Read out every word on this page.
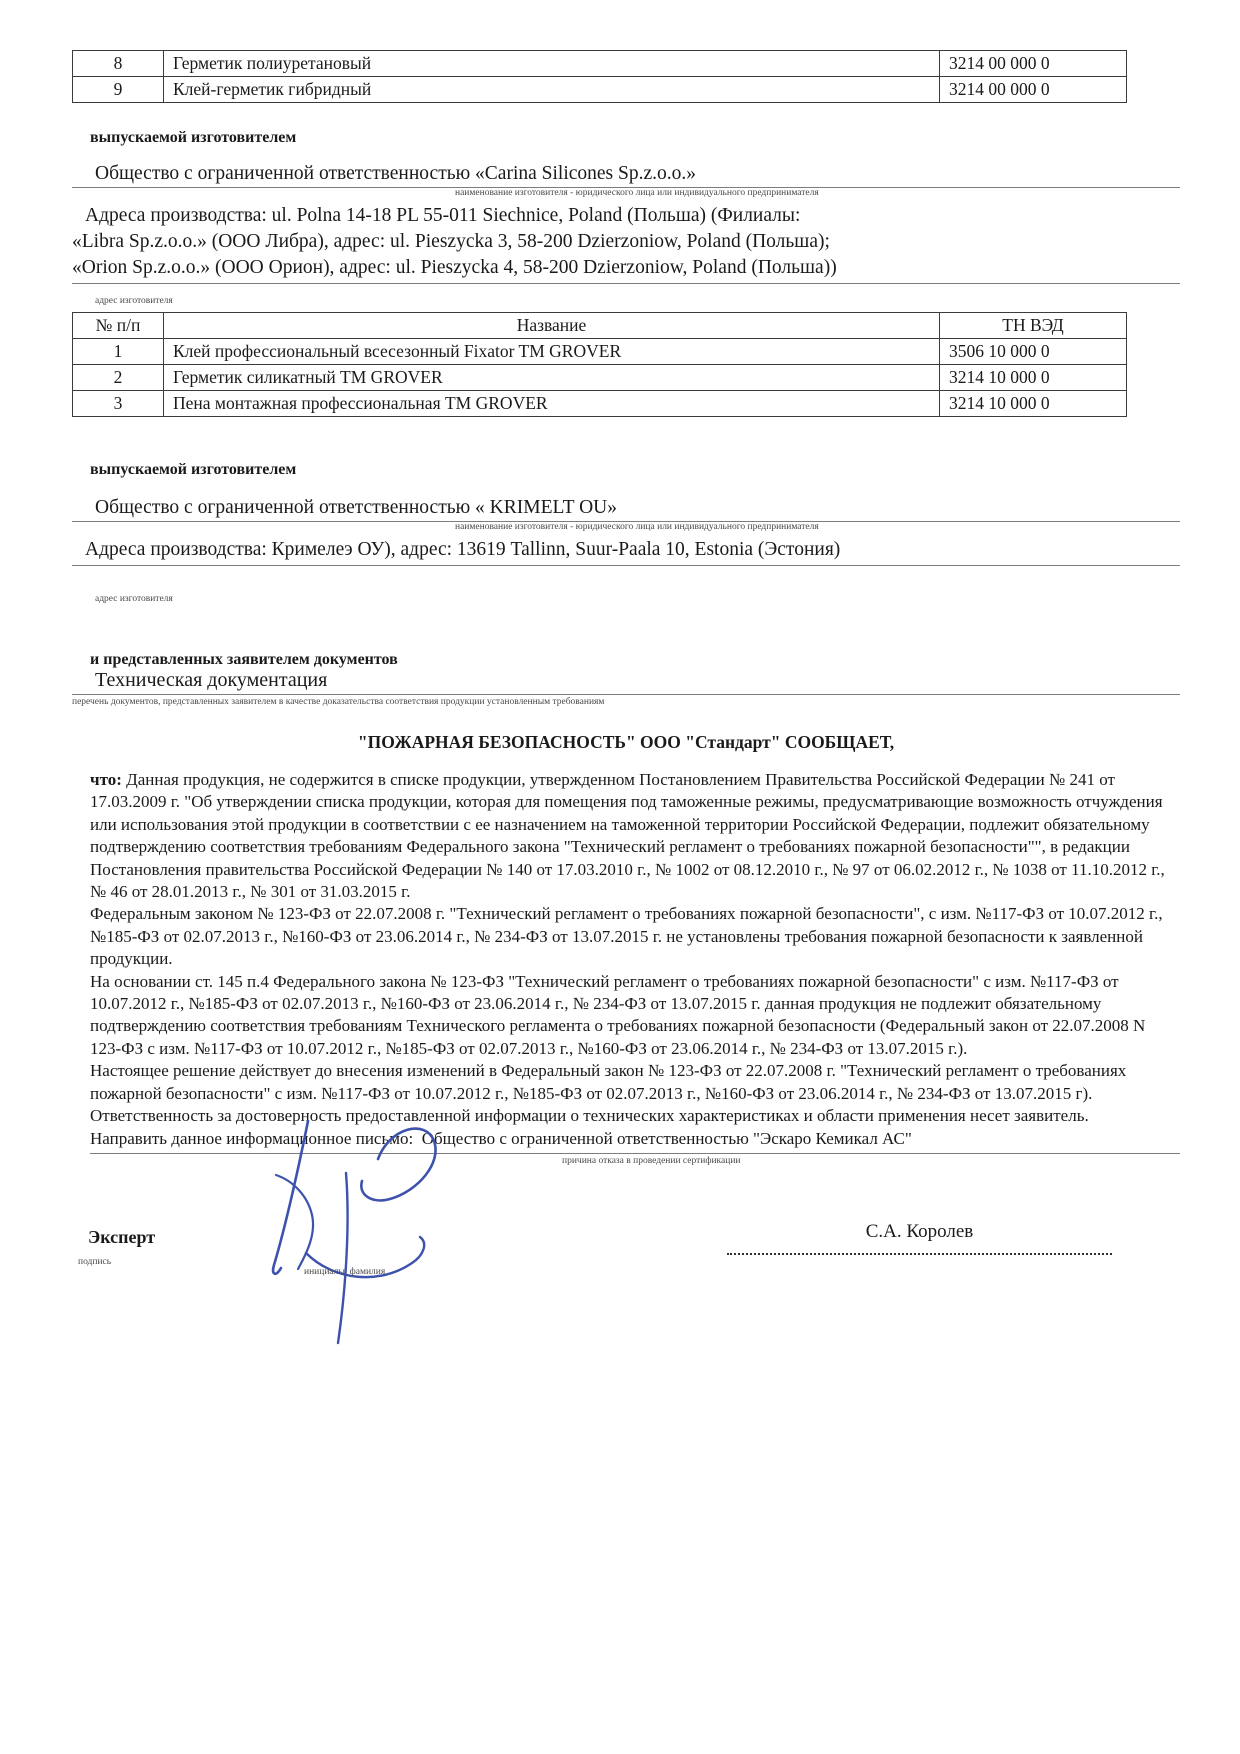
8	Герметик полиуретановый	3214 00 000 0
9	Клей-герметик гибридный	3214 00 000 0
выпускаемой изготовителем
Общество с ограниченной ответственностью «Carina Silicones Sp.z.o.o.»
наименование изготовителя - юридического лица или индивидуального предпринимателя
Адреса производства: ul. Polna 14-18 PL 55-011 Siechnice, Poland (Польша) (Филиалы:
«Libra Sp.z.o.o.» (ООО Либра), адрес: ul. Pieszycka 3, 58-200 Dzierzoniow, Poland (Польша);
«Orion Sp.z.o.o.» (ООО Орион), адрес: ul. Pieszycka 4, 58-200 Dzierzoniow, Poland (Польша))
адрес изготовителя
№ п/п	Название	ТН ВЭД
1	Клей профессиональный всесезонный Fixator TM GROVER	3506 10 000 0
2	Герметик силикатный TM GROVER	3214 10 000 0
3	Пена монтажная профессиональная TM GROVER	3214 10 000 0
выпускаемой изготовителем
Общество с ограниченной ответственностью « KRIMELT OU»
наименование изготовителя - юридического лица или индивидуального предпринимателя
Адреса производства: Кримелеэ ОУ), адрес: 13619 Tallinn, Suur-Paala 10, Estonia (Эстония)
адрес изготовителя
и представленных заявителем документов
Техническая документация
перечень документов, представленных заявителем в качестве доказательства соответствия продукции установленным требованиям
"ПОЖАРНАЯ БЕЗОПАСНОСТЬ" ООО "Стандарт" СООБЩАЕТ,

что: Данная продукция, не содержится в списке продукции, утвержденном Постановлением Правительства Российской Федерации № 241 от 17.03.2009 г. "Об утверждении списка продукции, которая для помещения под таможенные режимы, предусматривающие возможность отчуждения или использования этой продукции в соответствии с ее назначением на таможенной территории Российской Федерации, подлежит обязательному подтверждению соответствия требованиям Федерального закона "Технический регламент о требованиях пожарной безопасности"", в редакции Постановления правительства Российской Федерации № 140 от 17.03.2010 г., № 1002 от 08.12.2010 г., № 97 от 06.02.2012 г., № 1038 от 11.10.2012 г., № 46 от 28.01.2013 г., № 301 от 31.03.2015 г.

Федеральным законом № 123-ФЗ от 22.07.2008 г. "Технический регламент о требованиях пожарной безопасности", с изм. №117-ФЗ от 10.07.2012 г., №185-ФЗ от 02.07.2013 г., №160-ФЗ от 23.06.2014 г., № 234-ФЗ от 13.07.2015 г. не установлены требования пожарной безопасности к заявленной продукции.

На основании ст. 145 п.4 Федерального закона № 123-ФЗ "Технический регламент о требованиях пожарной безопасности" с изм. №117-ФЗ от 10.07.2012 г., №185-ФЗ от 02.07.2013 г., №160-ФЗ от 23.06.2014 г., № 234-ФЗ от 13.07.2015 г. данная продукция не подлежит обязательному подтверждению соответствия требованиям Технического регламента о требованиях пожарной безопасности (Федеральный закон от 22.07.2008 N 123-ФЗ с изм. №117-ФЗ от 10.07.2012 г., №185-ФЗ от 02.07.2013 г., №160-ФЗ от 23.06.2014 г., № 234-ФЗ от 13.07.2015 г.).

Настоящее решение действует до внесения изменений в Федеральный закон № 123-ФЗ от 22.07.2008 г. "Технический регламент о требованиях пожарной безопасности" с изм. №117-ФЗ от 10.07.2012 г., №185-ФЗ от 02.07.2013 г., №160-ФЗ от 23.06.2014 г., № 234-ФЗ от 13.07.2015 г).

Ответственность за достоверность предоставленной информации о технических характеристиках и области применения несет заявитель.

Направить данное информационное письмо: Общество с ограниченной ответственностью "Эскаро Кемикал АС"

причина отказа в проведении сертификации
Эксперт
подпись
инициалы, фамилия
С.А. Королев
